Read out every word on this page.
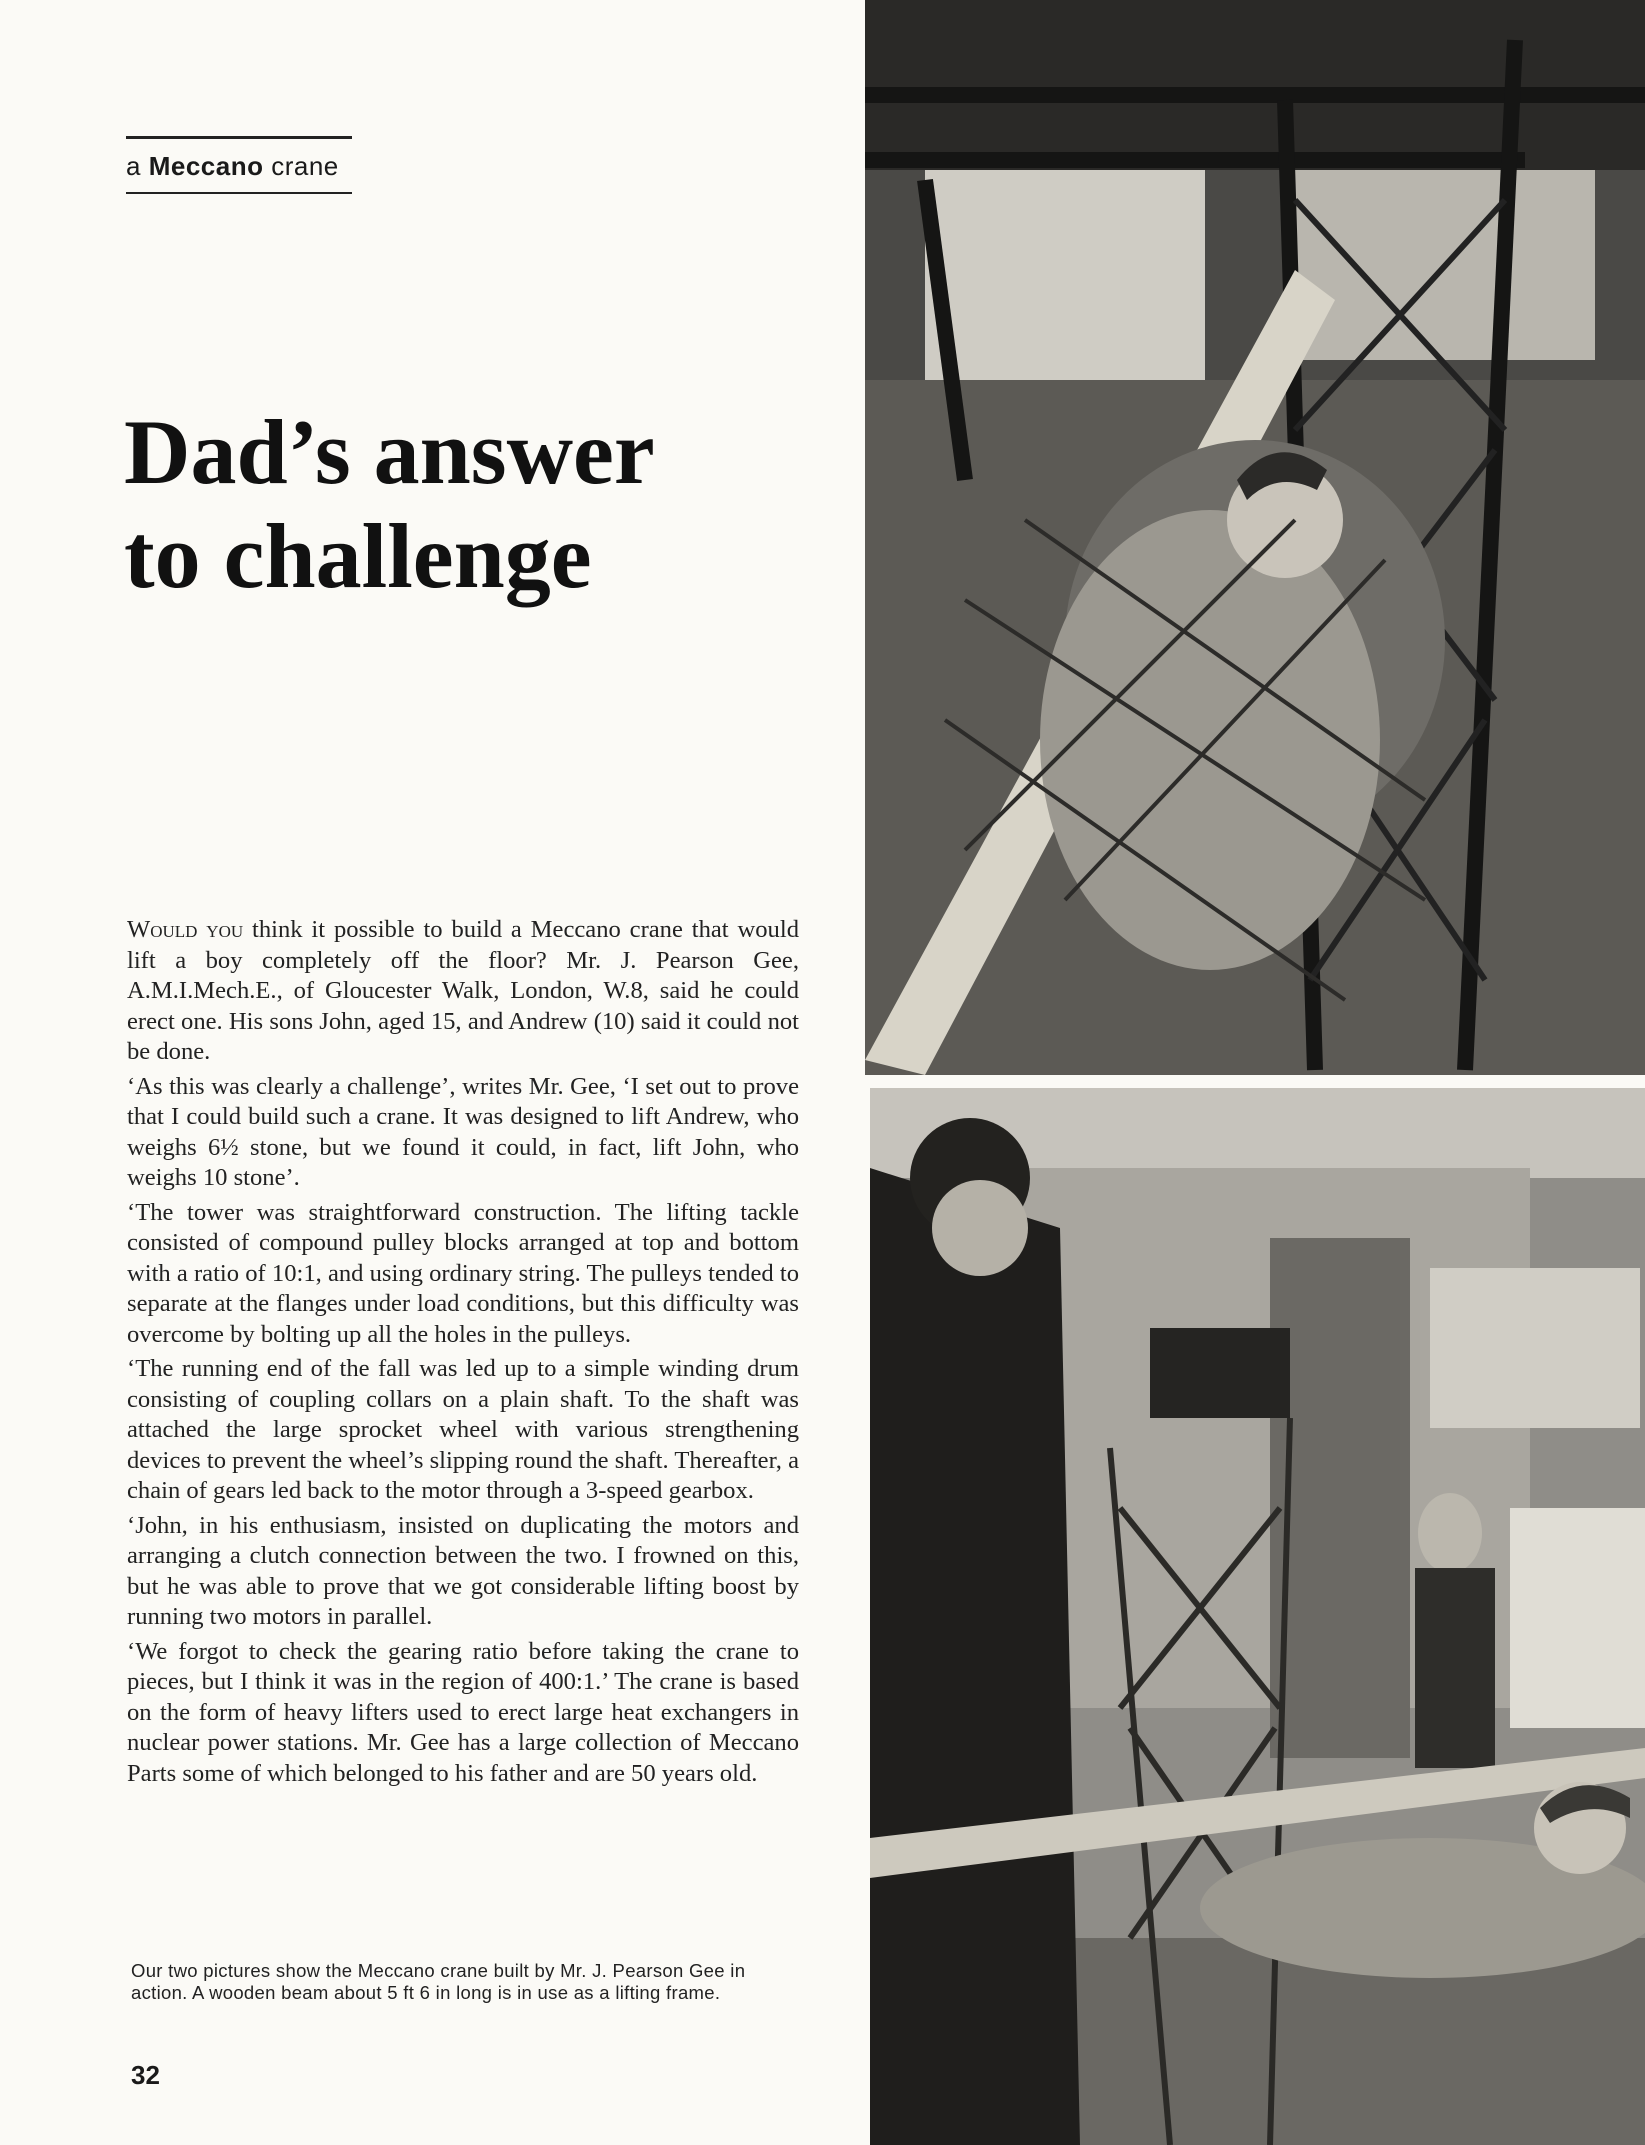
a Meccano crane
Dad’s answer
to challenge

Would you think it possible to build a Meccano crane that would lift a boy completely off the floor? Mr. J. Pearson Gee, A.M.I.Mech.E., of Gloucester Walk, London, W.8, said he could erect one. His sons John, aged 15, and Andrew (10) said it could not be done.

‘As this was clearly a challenge’, writes Mr. Gee, ‘I set out to prove that I could build such a crane. It was designed to lift Andrew, who weighs 6½ stone, but we found it could, in fact, lift John, who weighs 10 stone’.

‘The tower was straightforward construction. The lifting tackle consisted of compound pulley blocks arranged at top and bottom with a ratio of 10:1, and using ordinary string. The pulleys tended to separate at the flanges under load conditions, but this difficulty was overcome by bolting up all the holes in the pulleys.

‘The running end of the fall was led up to a simple winding drum consisting of coupling collars on a plain shaft. To the shaft was attached the large sprocket wheel with various strengthening devices to prevent the wheel’s slipping round the shaft. Thereafter, a chain of gears led back to the motor through a 3-speed gearbox.

‘John, in his enthusiasm, insisted on duplicating the motors and arranging a clutch connection between the two. I frowned on this, but he was able to prove that we got considerable lifting boost by running two motors in parallel.

‘We forgot to check the gearing ratio before taking the crane to pieces, but I think it was in the region of 400:1.’ The crane is based on the form of heavy lifters used to erect large heat exchangers in nuclear power stations. Mr. Gee has a large collection of Meccano Parts some of which belonged to his father and are 50 years old.

Our two pictures show the Meccano crane built by Mr. J. Pearson Gee in action. A wooden beam about 5 ft 6 in long is in use as a lifting frame.
32
